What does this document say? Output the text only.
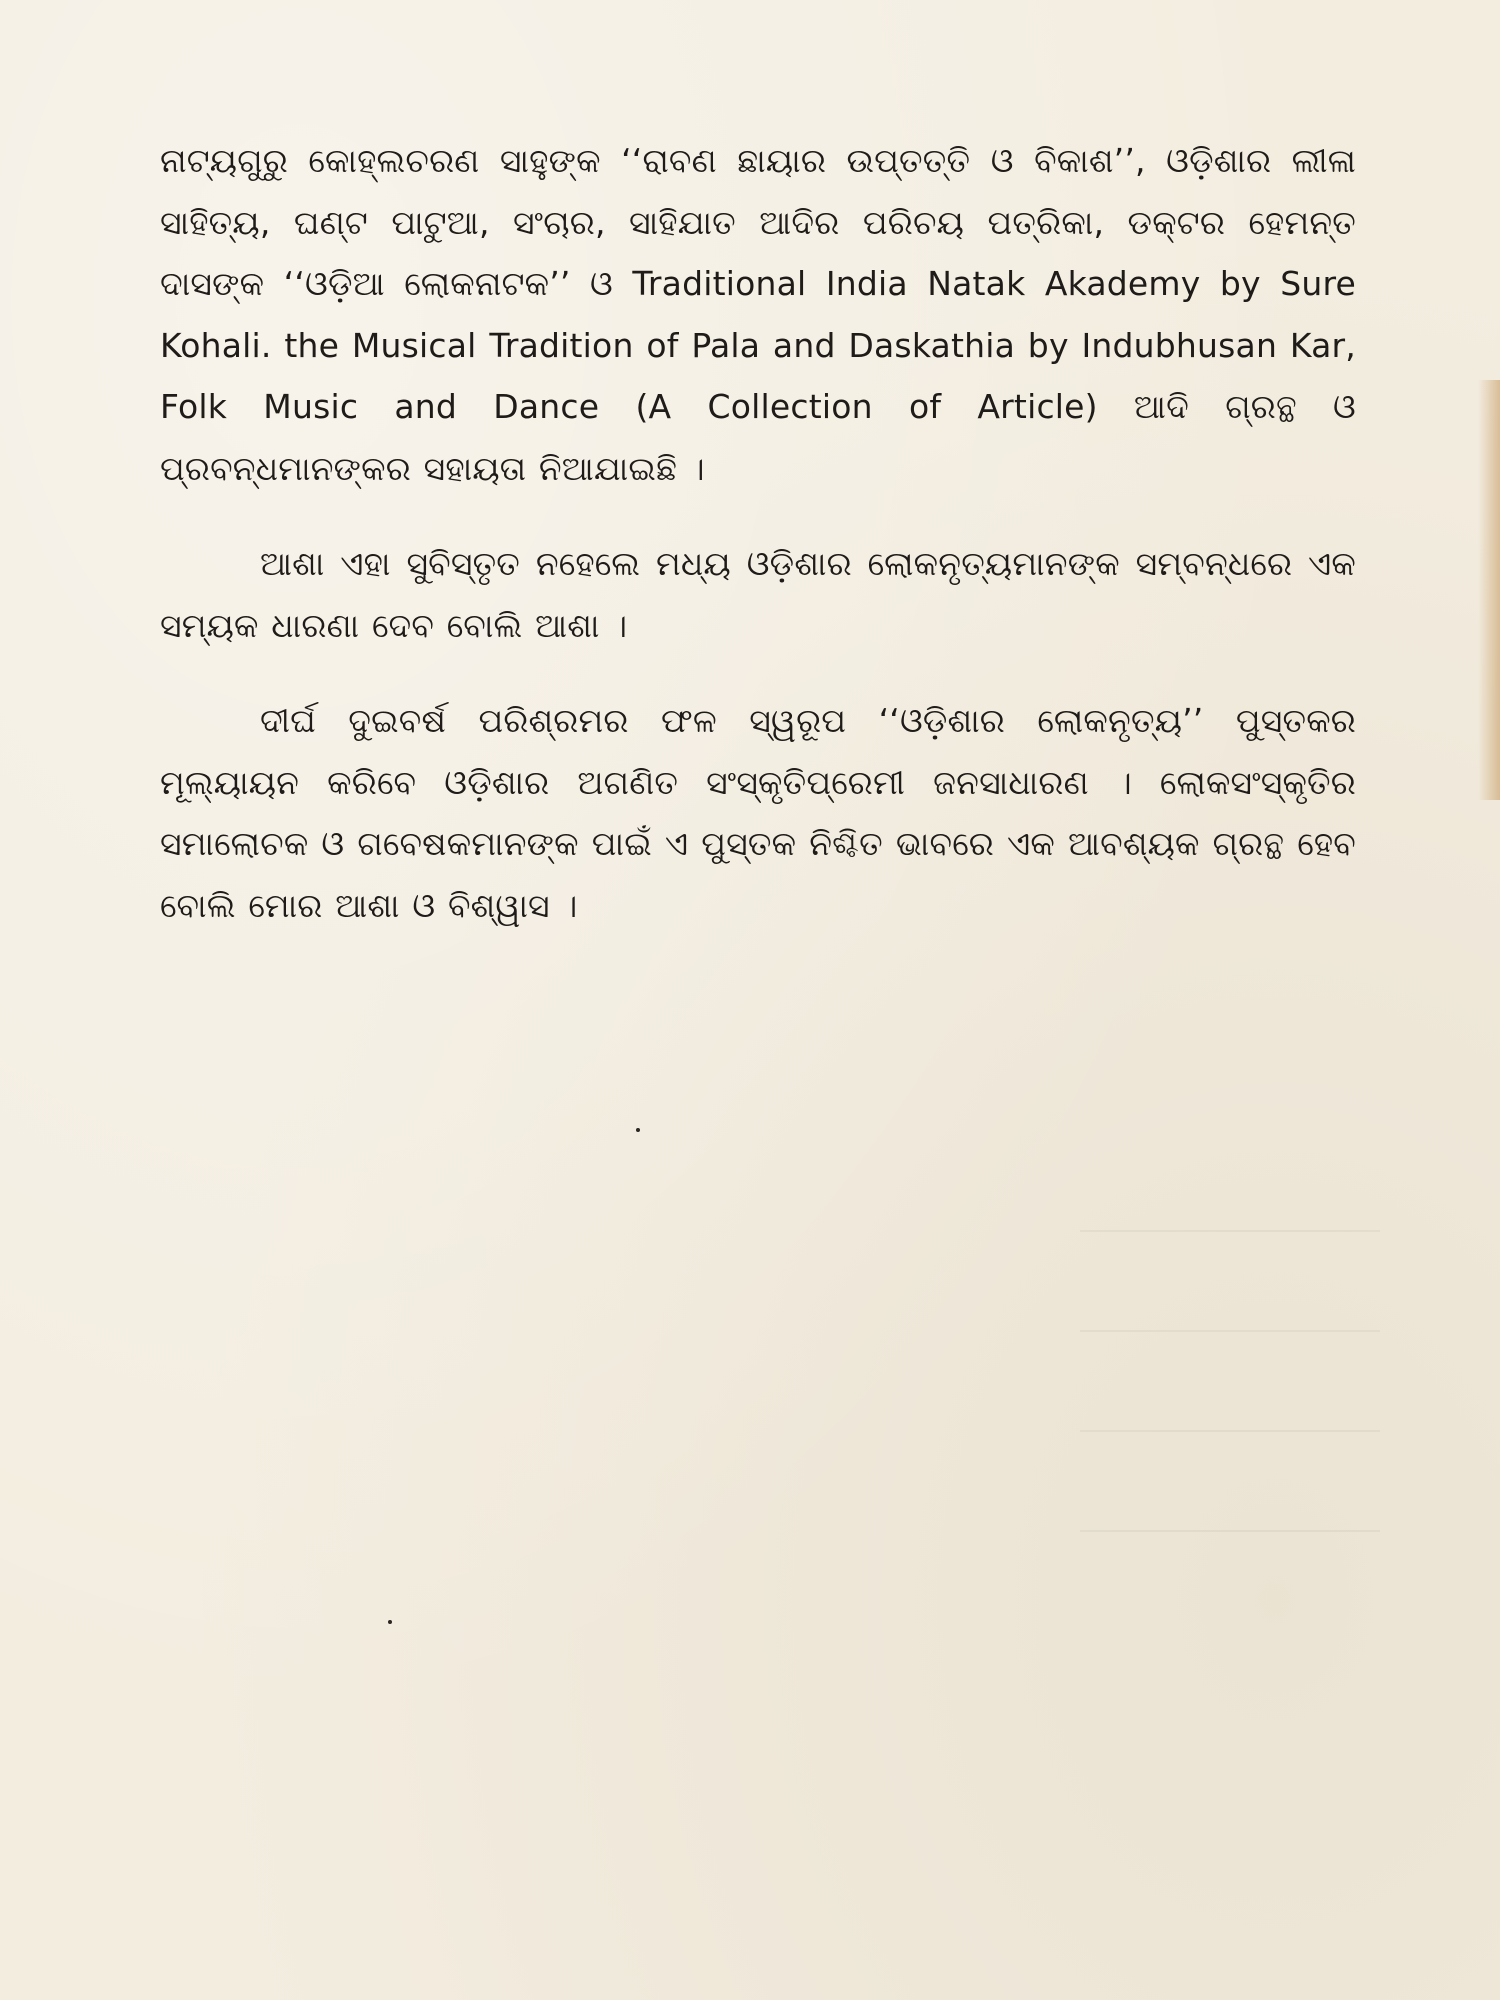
ନାଟ୍ୟଗୁରୁ କୋହ୍ଲଚରଣ ସାହୁଙ୍କ ‘‘ରାବଣ ଛାୟାର ଉପ୍ତତ୍ତି ଓ ବିକାଶ’’, ଓଡ଼ିଶାର ଲୀଳା ସାହିତ୍ୟ, ଘଣ୍ଟ ପାଟୁଆ, ସଂଚାର, ସାହିଯାତ ଆଦିର ପରିଚୟ ପତ୍ରିକା, ଡକ୍ଟର ହେମନ୍ତ ଦାସଙ୍କ ‘‘ଓଡ଼ିଆ ଲୋକନାଟକ’’ ଓ Traditional India Natak Akademy by Sure Kohali. the Musical Tradition of Pala and Daskathia by Indubhusan Kar, Folk Music and Dance (A Collection of Article) ଆଦି ଗ୍ରନ୍ଥ ଓ ପ୍ରବନ୍ଧମାନଙ୍କର ସହାୟତା ନିଆଯାଇଛି ।

ଆଶା ଏହା ସୁବିସ୍ତୃତ ନହେଲେ ମଧ୍ୟ ଓଡ଼ିଶାର ଲୋକନୃତ୍ୟମାନଙ୍କ ସମ୍ବନ୍ଧରେ ଏକ ସମ୍ୟକ ଧାରଣା ଦେବ ବୋଲି ଆଶା ।

ଦୀର୍ଘ ଦୁଇବର୍ଷ ପରିଶ୍ରମର ଫଳ ସ୍ୱରୂପ ‘‘ଓଡ଼ିଶାର ଲୋକନୃତ୍ୟ’’ ପୁସ୍ତକର ମୂଲ୍ୟାୟନ କରିବେ ଓଡ଼ିଶାର ଅଗଣିତ ସଂସ୍କୃତିପ୍ରେମୀ ଜନସାଧାରଣ । ଲୋକସଂସ୍କୃତିର ସମାଲୋଚକ ଓ ଗବେଷକମାନଙ୍କ ପାଇଁ ଏ ପୁସ୍ତକ ନିଶ୍ଚିତ ଭାବରେ ଏକ ଆବଶ୍ୟକ ଗ୍ରନ୍ଥ ହେବ ବୋଲି ମୋର ଆଶା ଓ ବିଶ୍ୱାସ ।
